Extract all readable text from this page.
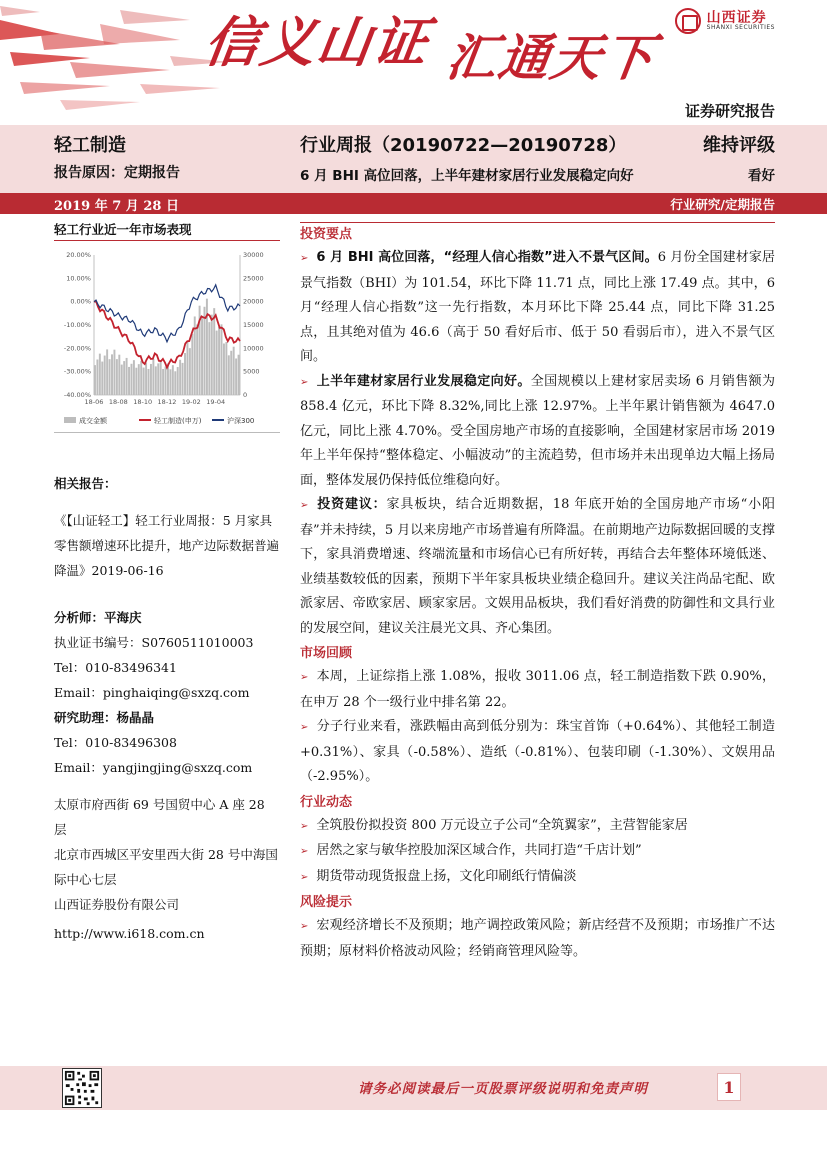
信义山证 汇通天下
山西证券
SHANXI SECURITIES
证券研究报告
轻工制造
报告原因：定期报告
行业周报（20190722—20190728）	维持评级
6 月 BHI 高位回落，上半年建材家居行业发展稳定向好	看好
2019 年 7 月 28 日	行业研究/定期报告
轻工行业近一年市场表现
20.00%
10.00%
0.00%
-10.00%
-20.00%
-30.00%
-40.00%
30000
25000
20000
15000
10000
5000
0
18-06 18-08 18-10 18-12 19-02 19-04
成交金额	轻工制造(申万)	沪深300

相关报告：

《【山证轻工】轻工行业周报：5 月家具零售额增速环比提升，地产边际数据普遍降温》2019-06-16

分析师：平海庆

执业证书编号：S0760511010003

Tel：010-83496341

Email：pinghaiqing@sxzq.com

研究助理：杨晶晶

Tel：010-83496308

Email：yangjingjing@sxzq.com

太原市府西街 69 号国贸中心 A 座 28 层

北京市西城区平安里西大街 28 号中海国际中心七层

山西证券股份有限公司

http://www.i618.com.cn

投资要点

➢ 6 月 BHI 高位回落，“经理人信心指数”进入不景气区间。6 月份全国建材家居景气指数（BHI）为 101.54，环比下降 11.71 点，同比上涨 17.49 点。其中，6 月“经理人信心指数”这一先行指数，本月环比下降 25.44 点，同比下降 31.25 点，且其绝对值为 46.6（高于 50 看好后市、低于 50 看弱后市），进入不景气区间。

➢ 上半年建材家居行业发展稳定向好。全国规模以上建材家居卖场 6 月销售额为 858.4 亿元，环比下降 8.32%,同比上涨 12.97%。上半年累计销售额为 4647.0 亿元，同比上涨 4.70%。受全国房地产市场的直接影响，全国建材家居市场 2019 年上半年保持“整体稳定、小幅波动”的主流趋势，但市场并未出现单边大幅上扬局面，整体发展仍保持低位维稳向好。

➢ 投资建议：家具板块，结合近期数据，18 年底开始的全国房地产市场“小阳春”并未持续，5 月以来房地产市场普遍有所降温。在前期地产边际数据回暖的支撑下，家具消费增速、终端流量和市场信心已有所好转，再结合去年整体环境低迷、业绩基数较低的因素，预期下半年家具板块业绩企稳回升。建议关注尚品宅配、欧派家居、帝欧家居、顾家家居。文娱用品板块，我们看好消费的防御性和文具行业的发展空间，建议关注晨光文具、齐心集团。

市场回顾

➢ 本周，上证综指上涨 1.08%，报收 3011.06 点，轻工制造指数下跌 0.90%，在申万 28 个一级行业中排名第 22。

➢ 分子行业来看，涨跌幅由高到低分别为：珠宝首饰（+0.64%）、其他轻工制造+0.31%）、家具（-0.58%）、造纸（-0.81%）、包装印刷（-1.30%）、文娱用品（-2.95%）。

行业动态

➢ 全筑股份拟投资 800 万元设立子公司“全筑翼家”，主营智能家居

➢ 居然之家与敏华控股加深区域合作，共同打造“千店计划”

➢ 期货带动现货报盘上扬，文化印刷纸行情偏淡

风险提示

➢ 宏观经济增长不及预期；地产调控政策风险；新店经营不及预期；市场推广不达预期；原材料价格波动风险；经销商管理风险等。

请务必阅读最后一页股票评级说明和免责声明	1
